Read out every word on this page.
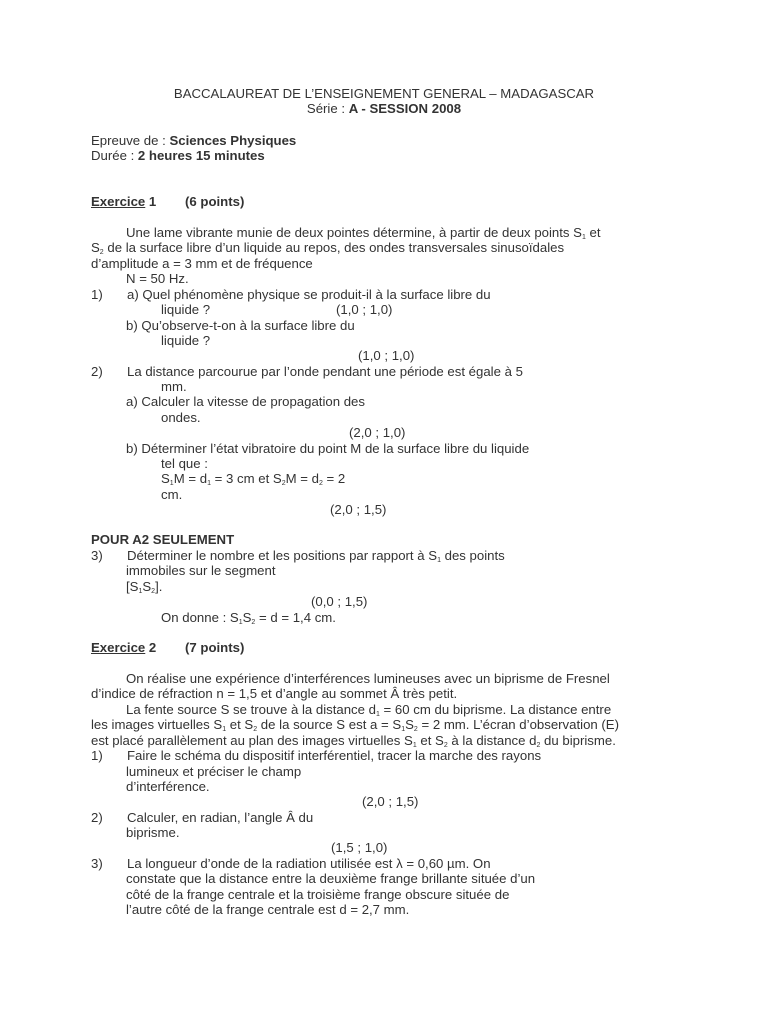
BACCALAUREAT DE L’ENSEIGNEMENT GENERAL – MADAGASCAR
Série : A - SESSION 2008
Epreuve de : Sciences Physiques
Durée : 2 heures 15 minutes
Exercice 1 (6 points)
Une lame vibrante munie de deux pointes détermine, à partir de deux points $S_1$ et
$S_2$ de la surface libre d’un liquide au repos, des ondes transversales sinusoïdales
d’amplitude a = 3 mm et de fréquence
N = 50 Hz.
1) a) Quel phénomène physique se produit-il à la surface libre du
liquide ?	(1,0 ; 1,0)
b) Qu’observe-t-on à la surface libre du
liquide ?
(1,0 ; 1,0)
2) La distance parcourue par l’onde pendant une période est égale à 5
mm.
a) Calculer la vitesse de propagation des
ondes.
(2,0 ; 1,0)
b) Déterminer l’état vibratoire du point M de la surface libre du liquide
tel que :
$S_1M = d_1 = 3$ cm et $S_2M = d_2 = 2$
cm.
(2,0 ; 1,5)
POUR A2 SEULEMENT
3) Déterminer le nombre et les positions par rapport à $S_1$ des points
immobiles sur le segment
$[S_1S_2]$.
(0,0 ; 1,5)
On donne : $S_1S_2 = d = 1,4$ cm.
Exercice 2 (7 points)
On réalise une expérience d’interférences lumineuses avec un biprisme de Fresnel
d’indice de réfraction n = 1,5 et d’angle au sommet Â très petit.
La fente source S se trouve à la distance $d_1 = 60$ cm du biprisme. La distance entre
les images virtuelles $S_1$ et $S_2$ de la source S est $a = S_1S_2 = 2$ mm. L’écran d’observation (E)
est placé parallèlement au plan des images virtuelles $S_1$ et $S_2$ à la distance $d_2$ du biprisme.
1) Faire le schéma du dispositif interférentiel, tracer la marche des rayons
lumineux et préciser le champ
d’interférence.
(2,0 ; 1,5)
2) Calculer, en radian, l’angle Â du
biprisme.
(1,5 ; 1,0)
3) La longueur d’onde de la radiation utilisée est λ = 0,60 µm. On
constate que la distance entre la deuxième frange brillante située d’un
côté de la frange centrale et la troisième frange obscure située de
l’autre côté de la frange centrale est d = 2,7 mm.
